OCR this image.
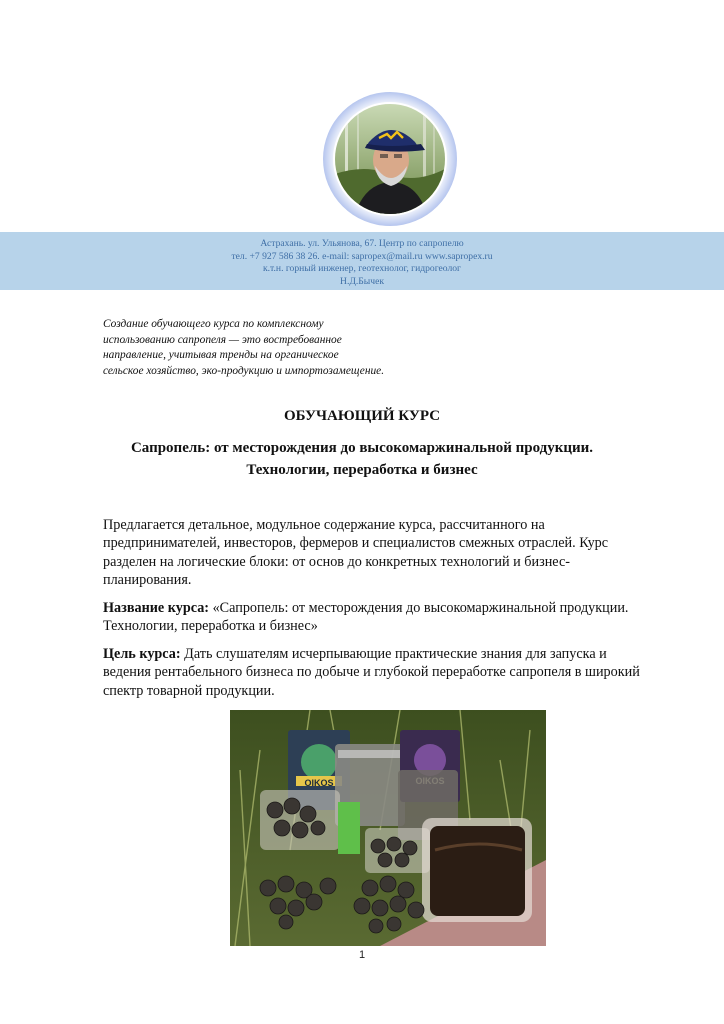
Астрахань. ул. Ульянова, 67. Центр по сапропелю
тел. +7 927 586 38 26. e-mail: sapropex@mail.ru www.sapropex.ru
к.т.н. горный инженер, геотехнолог, гидрогеолог
Н.Д.Бычек
Создание обучающего курса по комплексному
использованию сапропеля — это востребованное
направление, учитывая тренды на органическое
сельское хозяйство, эко-продукцию и импортозамещение.
ОБУЧАЮЩИЙ КУРС
Сапропель: от месторождения до высокомаржинальной продукции.
Технологии, переработка и бизнес
Предлагается детальное, модульное содержание курса, рассчитанного на
предпринимателей, инвесторов, фермеров и специалистов смежных отраслей. Курс
разделен на логические блоки: от основ до конкретных технологий и бизнес-
планирования.
Название курса: «Сапропель: от месторождения до высокомаржинальной продукции.
Технологии, переработка и бизнес»
Цель курса: Дать слушателям исчерпывающие практические знания для запуска и
ведения рентабельного бизнеса по добыче и глубокой переработке сапропеля в широкий
спектр товарной продукции.
OIKOS
1
